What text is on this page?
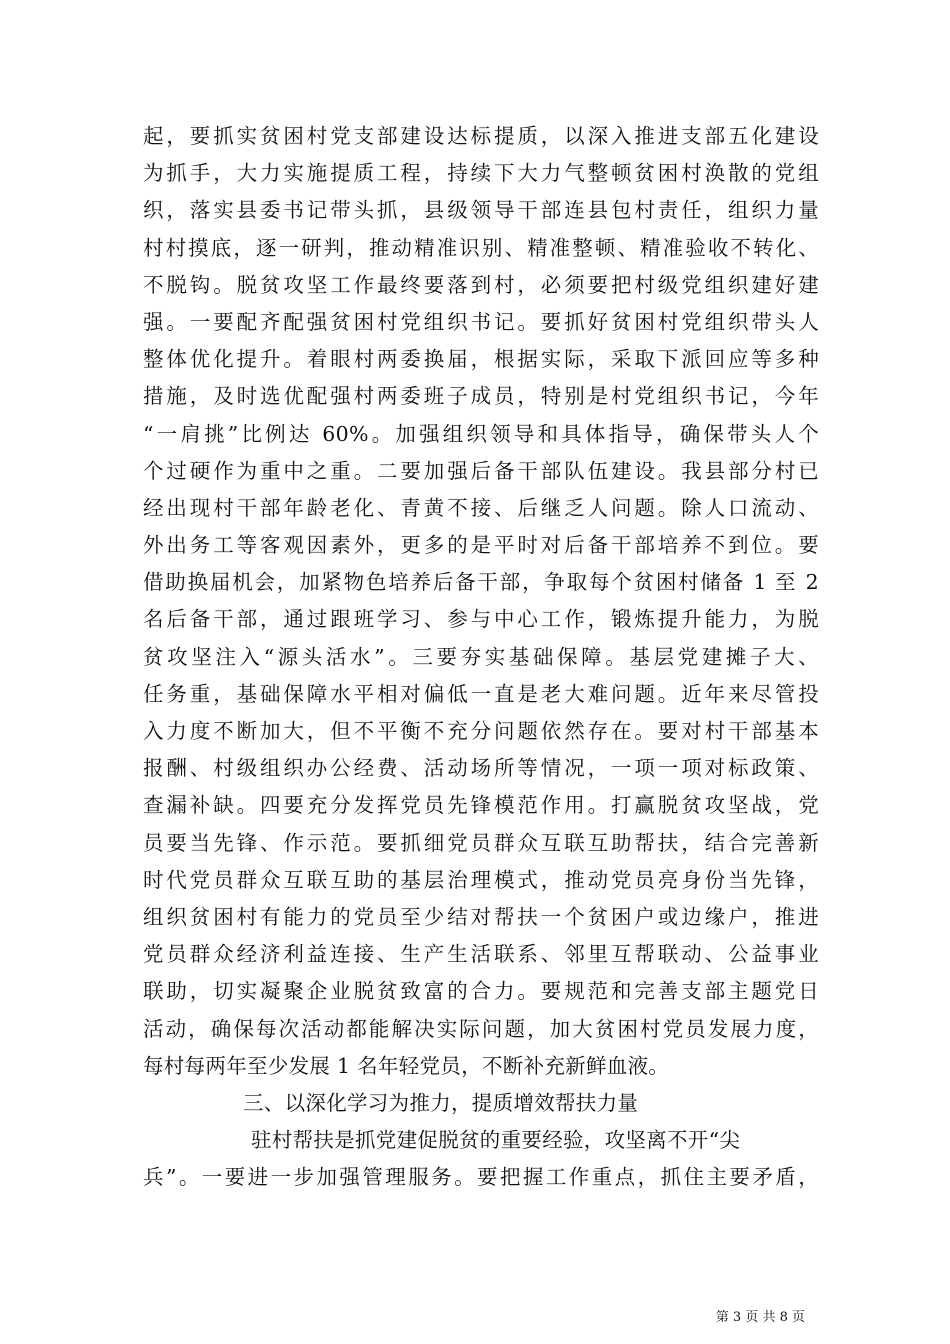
起，要抓实贫困村党支部建设达标提质，以深入推进支部五化建设
为抓手，大力实施提质工程，持续下大力气整顿贫困村涣散的党组
织，落实县委书记带头抓，县级领导干部连县包村责任，组织力量
村村摸底，逐一研判，推动精准识别、精准整顿、精准验收不转化、
不脱钩。脱贫攻坚工作最终要落到村，必须要把村级党组织建好建
强。一要配齐配强贫困村党组织书记。要抓好贫困村党组织带头人
整体优化提升。着眼村两委换届，根据实际，采取下派回应等多种
措施，及时选优配强村两委班子成员，特别是村党组织书记，今年
“一肩挑”比例达 60%。加强组织领导和具体指导，确保带头人个
个过硬作为重中之重。二要加强后备干部队伍建设。我县部分村已
经出现村干部年龄老化、青黄不接、后继乏人问题。除人口流动、
外出务工等客观因素外，更多的是平时对后备干部培养不到位。要
借助换届机会，加紧物色培养后备干部，争取每个贫困村储备 1 至 2
名后备干部，通过跟班学习、参与中心工作，锻炼提升能力，为脱
贫攻坚注入“源头活水”。三要夯实基础保障。基层党建摊子大、
任务重，基础保障水平相对偏低一直是老大难问题。近年来尽管投
入力度不断加大，但不平衡不充分问题依然存在。要对村干部基本
报酬、村级组织办公经费、活动场所等情况，一项一项对标政策、
查漏补缺。四要充分发挥党员先锋模范作用。打赢脱贫攻坚战，党
员要当先锋、作示范。要抓细党员群众互联互助帮扶，结合完善新
时代党员群众互联互助的基层治理模式，推动党员亮身份当先锋，
组织贫困村有能力的党员至少结对帮扶一个贫困户或边缘户，推进
党员群众经济利益连接、生产生活联系、邻里互帮联动、公益事业
联助，切实凝聚企业脱贫致富的合力。要规范和完善支部主题党日
活动，确保每次活动都能解决实际问题，加大贫困村党员发展力度，
每村每两年至少发展 1 名年轻党员，不断补充新鲜血液。
三、以深化学习为推力，提质增效帮扶力量
驻村帮扶是抓党建促脱贫的重要经验，攻坚离不开“尖
兵”。一要进一步加强管理服务。要把握工作重点，抓住主要矛盾，
第 3 页 共 8 页
